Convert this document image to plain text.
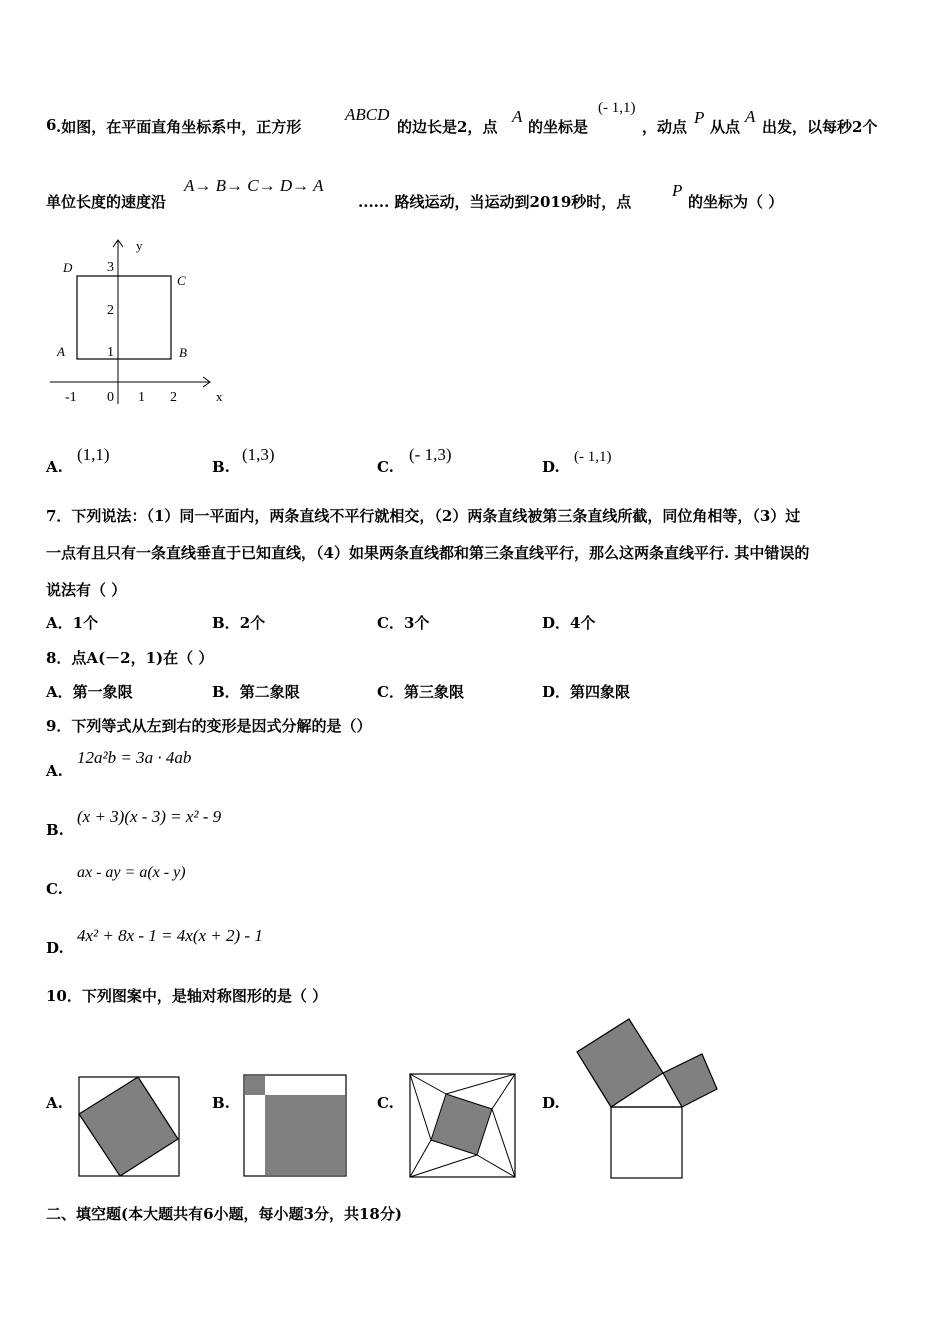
6 .如图，在平面直角坐标系中，正方形
ABCD
的边长是2，点
A
的坐标是
(- 1,1)
，动点 P 从点
A
出发，以每秒2个
单位长度的速度沿
A→ B→ C→ D→ A
...... 路线运动，当运动到2019秒时，点
P
的坐标为（ ）
y
x
D
C
A	B
3
2
1
-1 0 1 2
A.
(1,1)
B.
(1,3)
C.
(- 1,3)
D.
(- 1,1)
7．下列说法：（1）同一平面内，两条直线不平行就相交，（2）两条直线被第三条直线所截，同位角相等，（3）过
一点有且只有一条直线垂直于已知直线，（4）如果两条直线都和第三条直线平行，那么这两条直线平行. 其中错误的
说法有（ ）
A．1个	B．2个	C．3个	D．4个
8．点A(－2，1)在（ ）
A．第一象限	B．第二象限	C．第三象限	D．第四象限
9．下列等式从左到右的变形是因式分解的是（）
A.
12a²b = 3a · 4ab
B.
(x + 3)(x - 3) = x² - 9
C.
ax - ay = a(x - y)
D.
4x² + 8x - 1 = 4x(x + 2) - 1
10．下列图案中，是轴对称图形的是（ ）
A.	B.	C.	D.
二、填空题(本大题共有6小题，每小题3分，共18分)
